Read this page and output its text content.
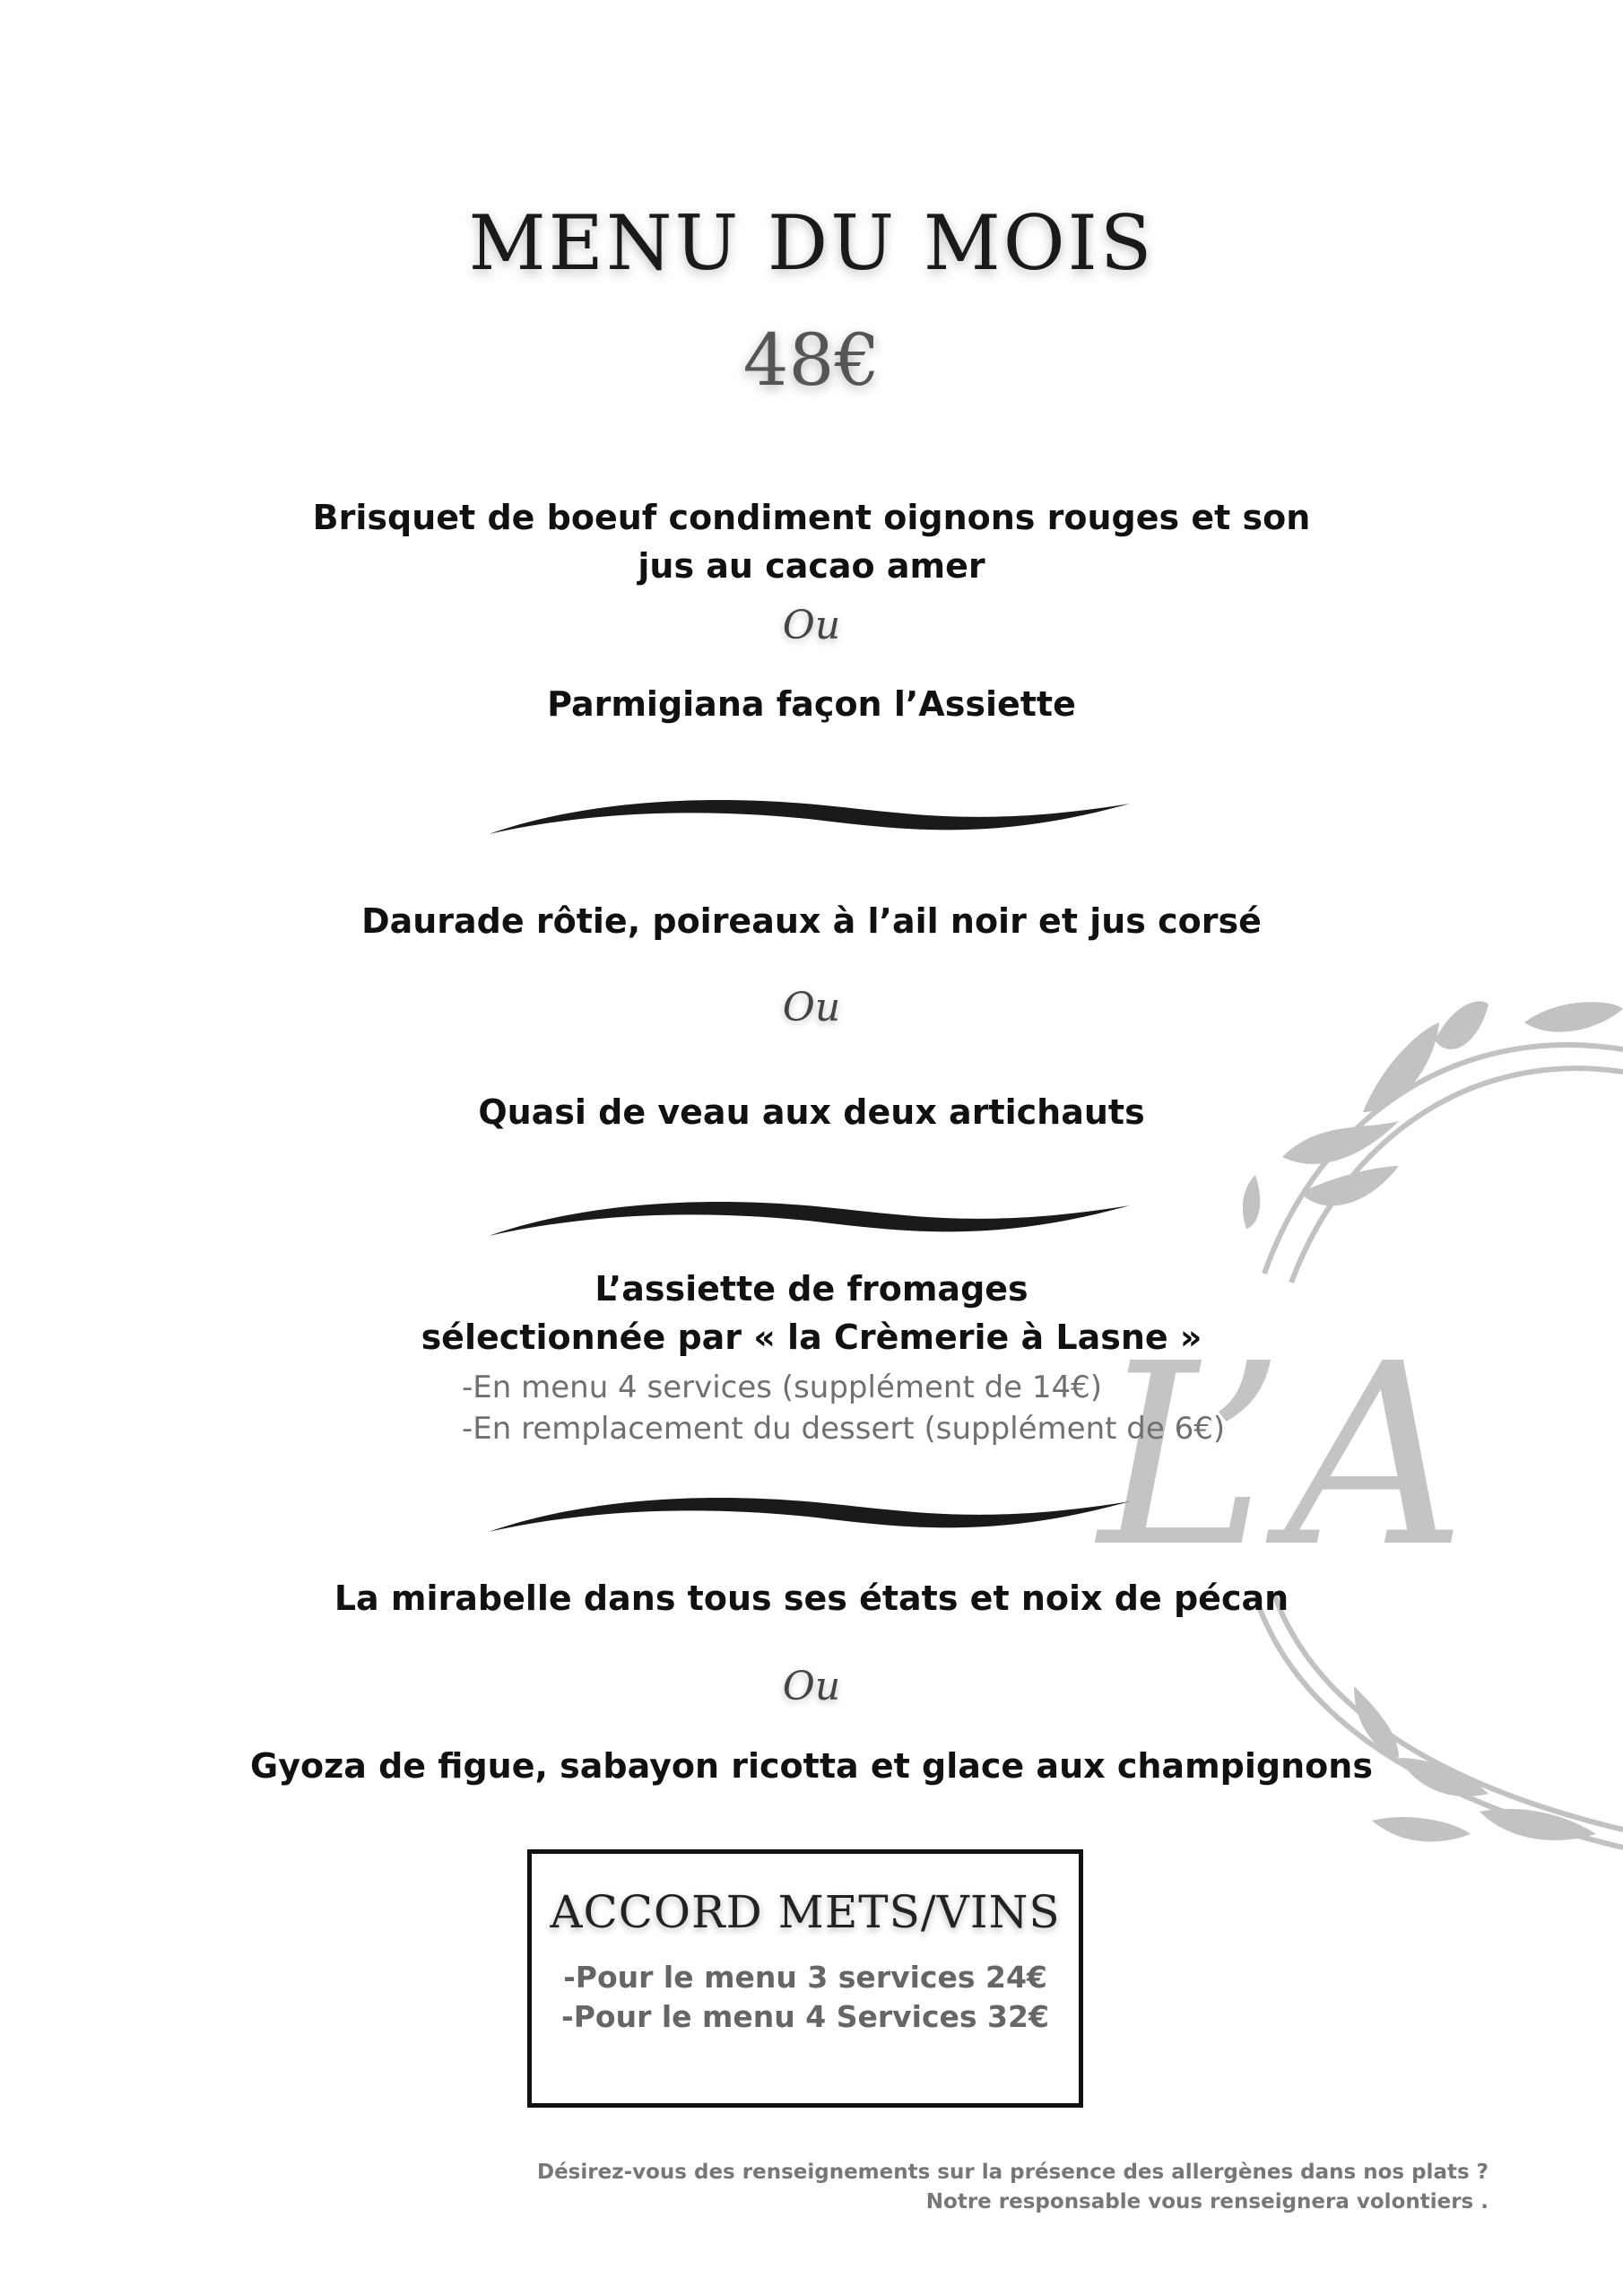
L’A
MENU DU MOIS
48€
Brisquet de boeuf condiment oignons rouges et son
jus au cacao amer
Ou
Parmigiana façon l’Assiette
Daurade rôtie, poireaux à l’ail noir et jus corsé
Ou
Quasi de veau aux deux artichauts
L’assiette de fromages
sélectionnée par « la Crèmerie à Lasne »
-En menu 4 services (supplément de 14€)
-En remplacement du dessert (supplément de 6€)
La mirabelle dans tous ses états et noix de pécan
Ou
Gyoza de figue, sabayon ricotta et glace aux champignons
ACCORD METS/VINS
-Pour le menu 3 services 24€
-Pour le menu 4 Services 32€
Désirez-vous des renseignements sur la présence des allergènes dans nos plats ?
Notre responsable vous renseignera volontiers .
